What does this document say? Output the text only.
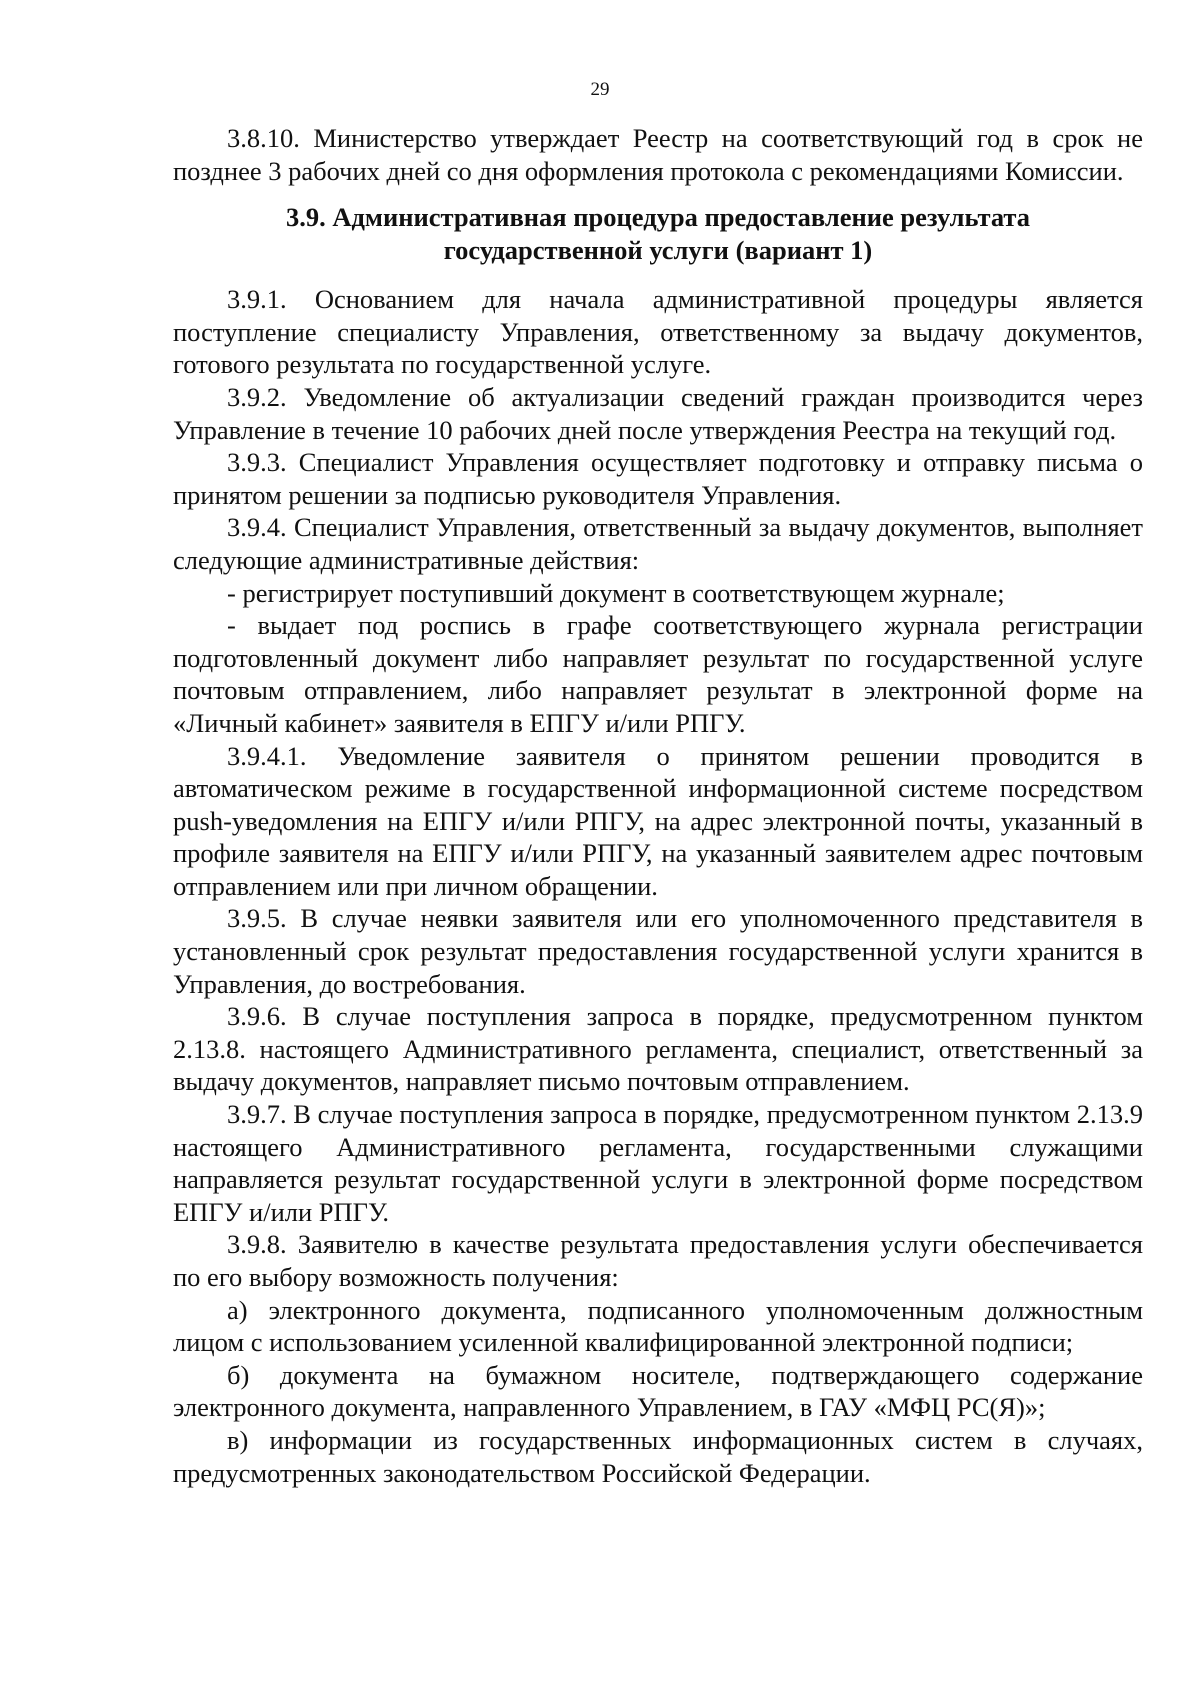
29

3.8.10. Министерство утверждает Реестр на соответствующий год в срок не позднее 3 рабочих дней со дня оформления протокола с рекомендациями Комиссии.

3.9. Административная процедура предоставление результата
государственной услуги (вариант 1)

3.9.1. Основанием для начала административной процедуры является поступление специалисту Управления, ответственному за выдачу документов, готового результата по государственной услуге.

3.9.2. Уведомление об актуализации сведений граждан производится через Управление в течение 10 рабочих дней после утверждения Реестра на текущий год.

3.9.3. Специалист Управления осуществляет подготовку и отправку письма о принятом решении за подписью руководителя Управления.

3.9.4. Специалист Управления, ответственный за выдачу документов, выполняет следующие административные действия:

- регистрирует поступивший документ в соответствующем журнале;

- выдает под роспись в графе соответствующего журнала регистрации подготовленный документ либо направляет результат по государственной услуге почтовым отправлением, либо направляет результат в электронной форме на «Личный кабинет» заявителя в ЕПГУ и/или РПГУ.

3.9.4.1. Уведомление заявителя о принятом решении проводится в автоматическом режиме в государственной информационной системе посредством push-уведомления на ЕПГУ и/или РПГУ, на адрес электронной почты, указанный в профиле заявителя на ЕПГУ и/или РПГУ, на указанный заявителем адрес почтовым отправлением или при личном обращении.

3.9.5. В случае неявки заявителя или его уполномоченного представителя в установленный срок результат предоставления государственной услуги хранится в Управления, до востребования.

3.9.6. В случае поступления запроса в порядке, предусмотренном пунктом 2.13.8. настоящего Административного регламента, специалист, ответственный за выдачу документов, направляет письмо почтовым отправлением.

3.9.7. В случае поступления запроса в порядке, предусмотренном пунктом 2.13.9 настоящего Административного регламента, государственными служащими направляется результат государственной услуги в электронной форме посредством ЕПГУ и/или РПГУ.

3.9.8. Заявителю в качестве результата предоставления услуги обеспечивается по его выбору возможность получения:

а) электронного документа, подписанного уполномоченным должностным лицом с использованием усиленной квалифицированной электронной подписи;

б) документа на бумажном носителе, подтверждающего содержание электронного документа, направленного Управлением, в ГАУ «МФЦ РС(Я)»;

в) информации из государственных информационных систем в случаях, предусмотренных законодательством Российской Федерации.
